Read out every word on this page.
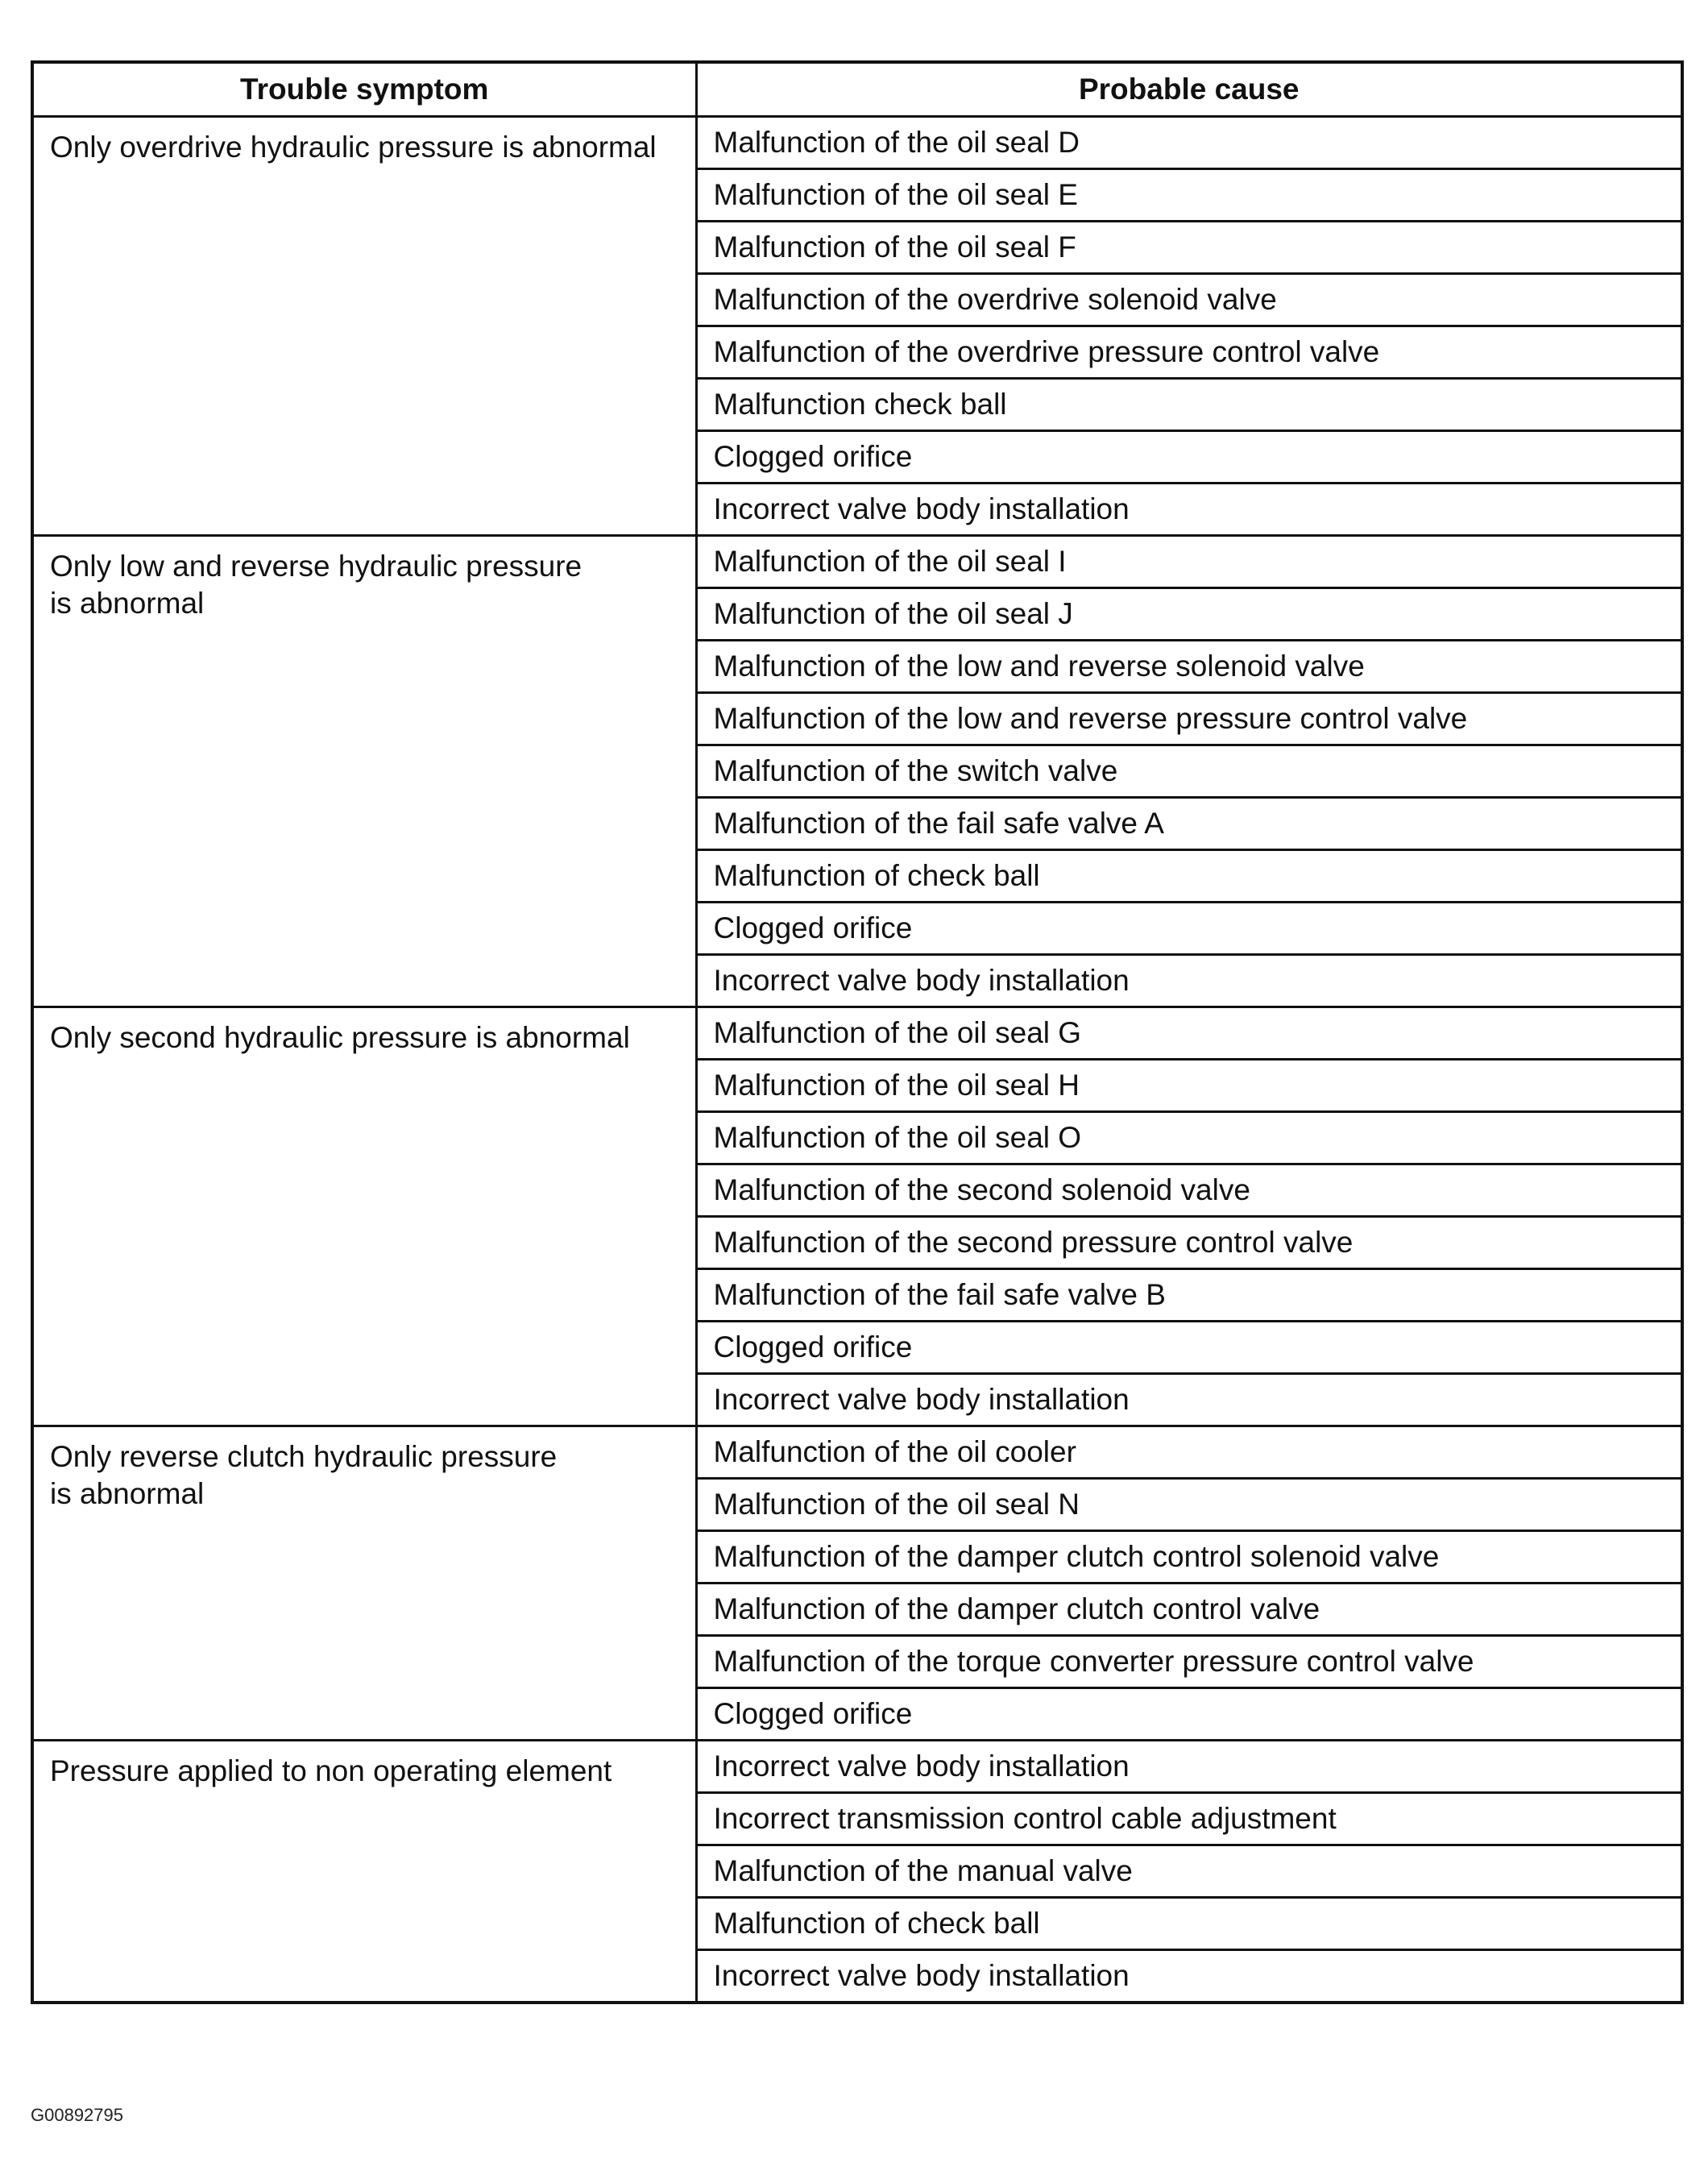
Trouble symptom	Probable cause
Only overdrive hydraulic pressure is abnormal	Malfunction of the oil seal D
	Malfunction of the oil seal E
	Malfunction of the oil seal F
	Malfunction of the overdrive solenoid valve
	Malfunction of the overdrive pressure control valve
	Malfunction check ball
	Clogged orifice
	Incorrect valve body installation
Only low and reverse hydraulic pressure
is abnormal	Malfunction of the oil seal I
	Malfunction of the oil seal J
	Malfunction of the low and reverse solenoid valve
	Malfunction of the low and reverse pressure control valve
	Malfunction of the switch valve
	Malfunction of the fail safe valve A
	Malfunction of check ball
	Clogged orifice
	Incorrect valve body installation
Only second hydraulic pressure is abnormal	Malfunction of the oil seal G
	Malfunction of the oil seal H
	Malfunction of the oil seal O
	Malfunction of the second solenoid valve
	Malfunction of the second pressure control valve
	Malfunction of the fail safe valve B
	Clogged orifice
	Incorrect valve body installation
Only reverse clutch hydraulic pressure
is abnormal	Malfunction of the oil cooler
	Malfunction of the oil seal N
	Malfunction of the damper clutch control solenoid valve
	Malfunction of the damper clutch control valve
	Malfunction of the torque converter pressure control valve
	Clogged orifice
Pressure applied to non operating element	Incorrect valve body installation
	Incorrect transmission control cable adjustment
	Malfunction of the manual valve
	Malfunction of check ball
	Incorrect valve body installation
G00892795
